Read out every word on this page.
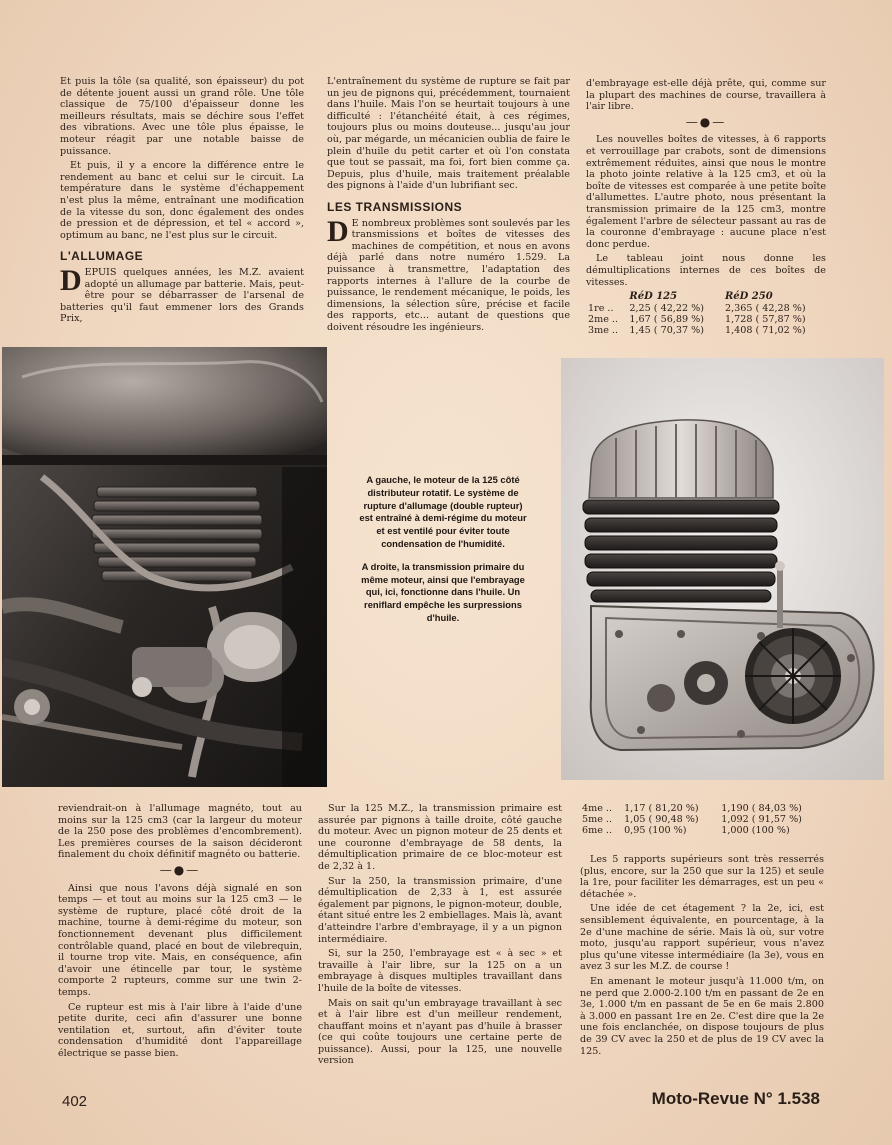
Et puis la tôle (sa qualité, son épaisseur) du pot de détente jouent aussi un grand rôle. Une tôle classique de 75/100 d'épaisseur donne les meilleurs résultats, mais se déchire sous l'effet des vibrations. Avec une tôle plus épaisse, le moteur réagit par une notable baisse de puissance.

Et puis, il y a encore la différence entre le rendement au banc et celui sur le circuit. La température dans le système d'échappement n'est plus la même, entraînant une modification de la vitesse du son, donc également des ondes de pression et de dépression, et tel « accord », optimum au banc, ne l'est plus sur le circuit.

L'ALLUMAGE

DEPUIS quelques années, les M.Z. avaient adopté un allumage par batterie. Mais, peut-être pour se débarrasser de l'arsenal de batteries qu'il faut emmener lors des Grands Prix,

L'entraînement du système de rupture se fait par un jeu de pignons qui, précédemment, tournaient dans l'huile. Mais l'on se heurtait toujours à une difficulté : l'étanchéité était, à ces régimes, toujours plus ou moins douteuse... jusqu'au jour où, par mégarde, un mécanicien oublia de faire le plein d'huile du petit carter et où l'on constata que tout se passait, ma foi, fort bien comme ça. Depuis, plus d'huile, mais traitement préalable des pignons à l'aide d'un lubrifiant sec.

LES TRANSMISSIONS

D E nombreux problèmes sont soulevés par les transmissions et boîtes de vitesses des machines de compétition, et nous en avons déjà parlé dans notre numéro 1.529. La puissance à transmettre, l'adaptation des rapports internes à l'allure de la courbe de puissance, le rendement mécanique, le poids, les dimensions, la sélection sûre, précise et facile des rapports, etc... autant de questions que doivent résoudre les ingénieurs.

d'embrayage est-elle déjà prête, qui, comme sur la plupart des machines de course, travaillera à l'air libre.

—●—

Les nouvelles boîtes de vitesses, à 6 rapports et verrouillage par crabots, sont de dimensions extrêmement réduites, ainsi que nous le montre la photo jointe relative à la 125 cm3, et où la boîte de vitesses est comparée à une petite boîte d'allumettes. L'autre photo, nous présentant la transmission primaire de la 125 cm3, montre également l'arbre de sélecteur passant au ras de la couronne d'embrayage : aucune place n'est donc perdue.

Le tableau joint nous donne les démultiplications internes de ces boîtes de vitesses.

	RéD 125	RéD 250
1re ..	2,25 ( 42,22 %)	2,365 ( 42,28 %)
2me ..	1,67 ( 56,89 %)	1,728 ( 57,87 %)
3me ..	1,45 ( 70,37 %)	1,408 ( 71,02 %)

A gauche, le moteur de la 125 côté distributeur rotatif. Le système de rupture d'allumage (double rupteur) est entraîné à demi-régime du moteur et est ventilé pour éviter toute condensation de l'humidité.

A droite, la transmission primaire du même moteur, ainsi que l'embrayage qui, ici, fonctionne dans l'huile. Un reniflard empêche les surpressions d'huile.

reviendrait-on à l'allumage magnéto, tout au moins sur la 125 cm3 (car la largeur du moteur de la 250 pose des problèmes d'encombrement). Les premières courses de la saison décideront finalement du choix définitif magnéto ou batterie.

—●—

Ainsi que nous l'avons déjà signalé en son temps — et tout au moins sur la 125 cm3 — le système de rupture, placé côté droit de la machine, tourne à demi-régime du moteur, son fonctionnement devenant plus difficilement contrôlable quand, placé en bout de vilebrequin, il tourne trop vite. Mais, en conséquence, afin d'avoir une étincelle par tour, le système comporte 2 rupteurs, comme sur une twin 2-temps.

Ce rupteur est mis à l'air libre à l'aide d'une petite durite, ceci afin d'assurer une bonne ventilation et, surtout, afin d'éviter toute condensation d'humidité dont l'appareillage électrique se passe bien.

Sur la 125 M.Z., la transmission primaire est assurée par pignons à taille droite, côté gauche du moteur. Avec un pignon moteur de 25 dents et une couronne d'embrayage de 58 dents, la démultiplication primaire de ce bloc-moteur est de 2,32 à 1.

Sur la 250, la transmission primaire, d'une démultiplication de 2,33 à 1, est assurée également par pignons, le pignon-moteur, double, étant situé entre les 2 embiellages. Mais là, avant d'atteindre l'arbre d'embrayage, il y a un pignon intermédiaire.

Si, sur la 250, l'embrayage est « à sec » et travaille à l'air libre, sur la 125 on a un embrayage à disques multiples travaillant dans l'huile de la boîte de vitesses.

Mais on sait qu'un embrayage travaillant à sec et à l'air libre est d'un meilleur rendement, chauffant moins et n'ayant pas d'huile à brasser (ce qui coûte toujours une certaine perte de puissance). Aussi, pour la 125, une nouvelle version

4me ..	1,17 ( 81,20 %)	1,190 ( 84,03 %)
5me ..	1,05 ( 90,48 %)	1,092 ( 91,57 %)
6me ..	0,95 (100 %)	1,000 (100 %)

Les 5 rapports supérieurs sont très resserrés (plus, encore, sur la 250 que sur la 125) et seule la 1re, pour faciliter les démarrages, est un peu « détachée ».

Une idée de cet étagement ? la 2e, ici, est sensiblement équivalente, en pourcentage, à la 2e d'une machine de série. Mais là où, sur votre moto, jusqu'au rapport supérieur, vous n'avez plus qu'une vitesse intermédiaire (la 3e), vous en avez 3 sur les M.Z. de course !

En amenant le moteur jusqu'à 11.000 t/m, on ne perd que 2.000-2.100 t/m en passant de 2e en 3e, 1.000 t/m en passant de 5e en 6e mais 2.800 à 3.000 en passant 1re en 2e. C'est dire que la 2e une fois enclanchée, on dispose toujours de plus de 39 CV avec la 250 et de plus de 19 CV avec la 125.

402	Moto-Revue N° 1.538
